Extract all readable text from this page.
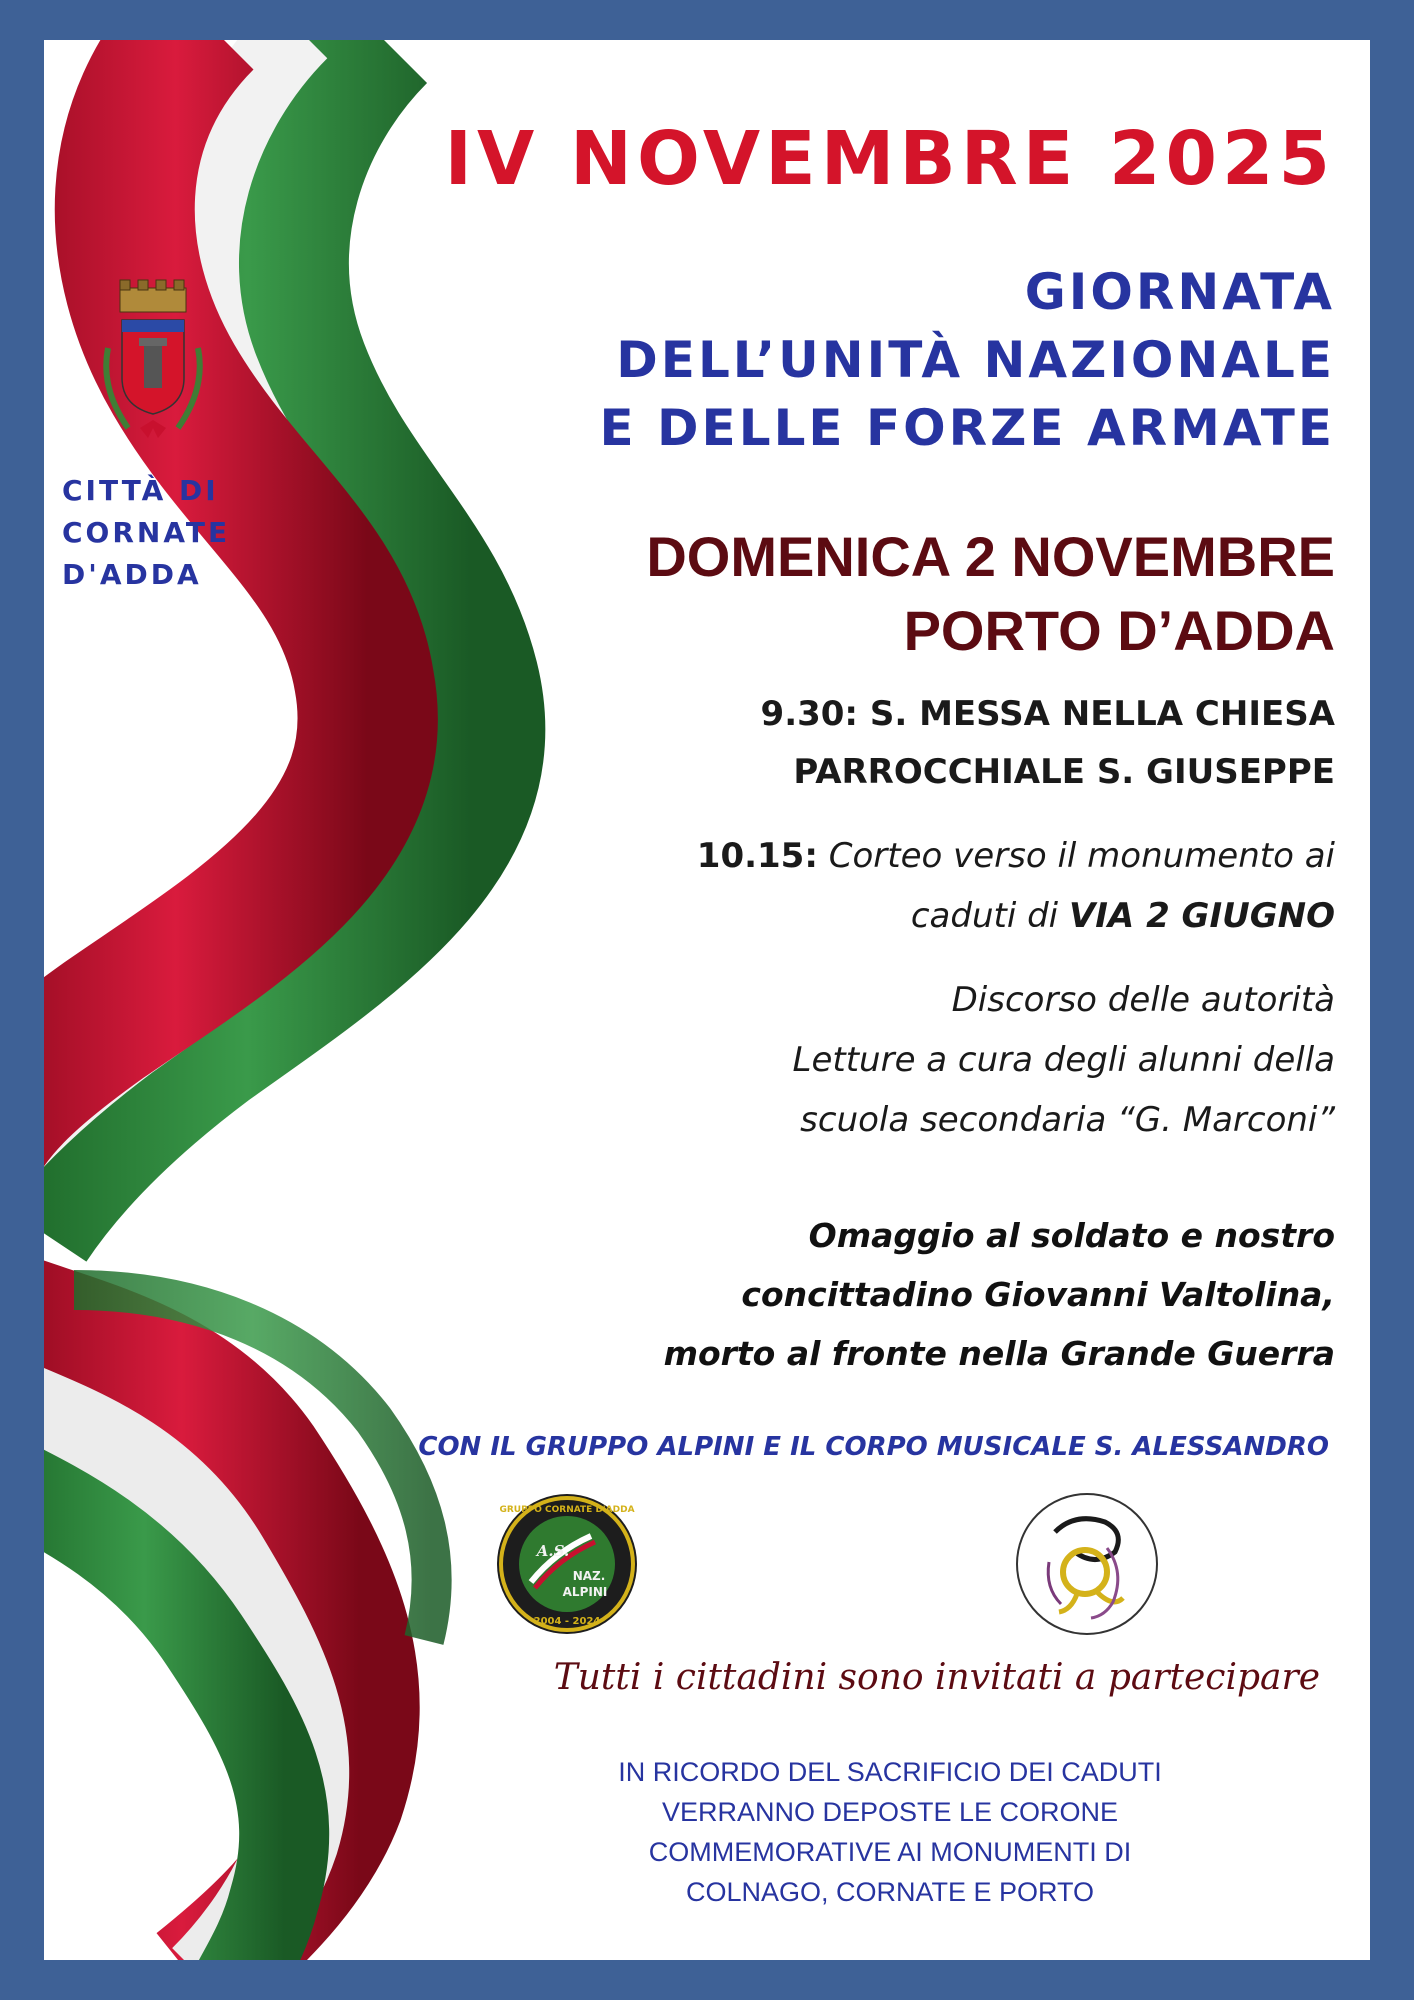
CITTÀ DI
CORNATE
D'ADDA
IV NOVEMBRE 2025
GIORNATA
DELL’UNITÀ NAZIONALE
E DELLE FORZE ARMATE
DOMENICA 2 NOVEMBRE
PORTO D’ADDA
9.30: S. MESSA NELLA CHIESA
PARROCCHIALE S. GIUSEPPE
10.15: Corteo verso il monumento ai
caduti di VIA 2 GIUGNO
Discorso delle autorità
Letture a cura degli alunni della
scuola secondaria “G. Marconi”
Omaggio al soldato e nostro
concittadino Giovanni Valtolina,
morto al fronte nella Grande Guerra
CON IL GRUPPO ALPINI E IL CORPO MUSICALE S. ALESSANDRO
GRUPPO CORNATE D'ADDA
A.S.
NAZ.
ALPINI
2004 - 2024
Tutti i cittadini sono invitati a partecipare
IN RICORDO DEL SACRIFICIO DEI CADUTI
VERRANNO DEPOSTE LE CORONE
COMMEMORATIVE AI MONUMENTI DI
COLNAGO, CORNATE E PORTO
